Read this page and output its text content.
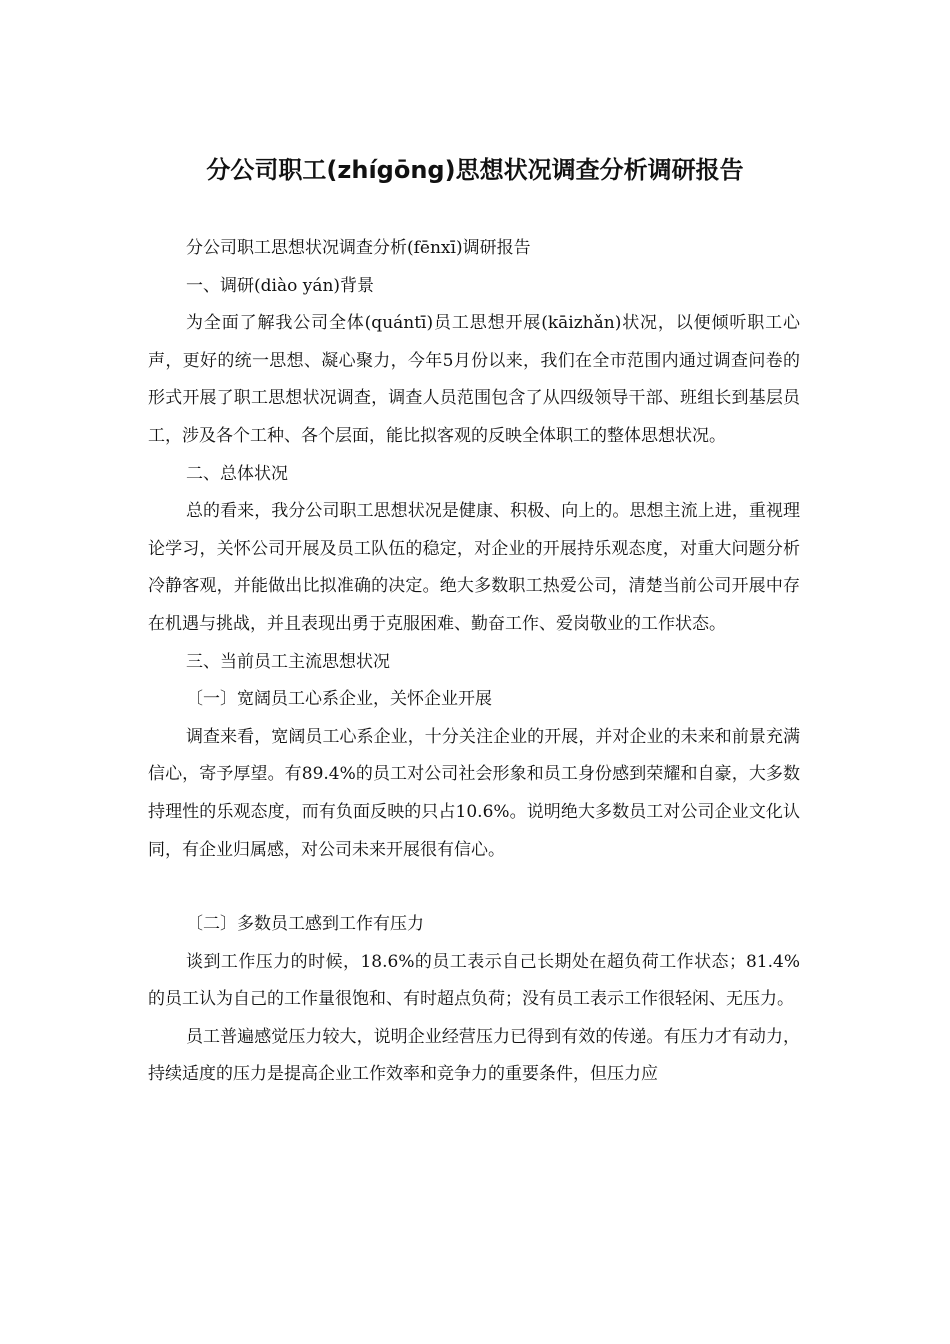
分公司职工(zhígōng)思想状况调查分析调研报告

分公司职工思想状况调查分析(fēnxī)调研报告

一、调研(diào yán)背景

为全面了解我公司全体(quántī)员工思想开展(kāizhǎn)状况，以便倾听职工心声，更好的统一思想、凝心聚力，今年5月份以来，我们在全市范围内通过调查问卷的形式开展了职工思想状况调查，调查人员范围包含了从四级领导干部、班组长到基层员工，涉及各个工种、各个层面，能比拟客观的反映全体职工的整体思想状况。

二、总体状况

总的看来，我分公司职工思想状况是健康、积极、向上的。思想主流上进，重视理论学习，关怀公司开展及员工队伍的稳定，对企业的开展持乐观态度，对重大问题分析冷静客观，并能做出比拟准确的决定。绝大多数职工热爱公司，清楚当前公司开展中存在机遇与挑战，并且表现出勇于克服困难、勤奋工作、爱岗敬业的工作状态。

三、当前员工主流思想状况

〔一〕宽阔员工心系企业，关怀企业开展

调查来看，宽阔员工心系企业，十分关注企业的开展，并对企业的未来和前景充满信心，寄予厚望。有89.4%的员工对公司社会形象和员工身份感到荣耀和自豪，大多数持理性的乐观态度，而有负面反映的只占10.6%。说明绝大多数员工对公司企业文化认同，有企业归属感，对公司未来开展很有信心。

〔二〕多数员工感到工作有压力

谈到工作压力的时候，18.6%的员工表示自己长期处在超负荷工作状态；81.4%的员工认为自己的工作量很饱和、有时超点负荷；没有员工表示工作很轻闲、无压力。

员工普遍感觉压力较大，说明企业经营压力已得到有效的传递。有压力才有动力，持续适度的压力是提高企业工作效率和竞争力的重要条件，但压力应
